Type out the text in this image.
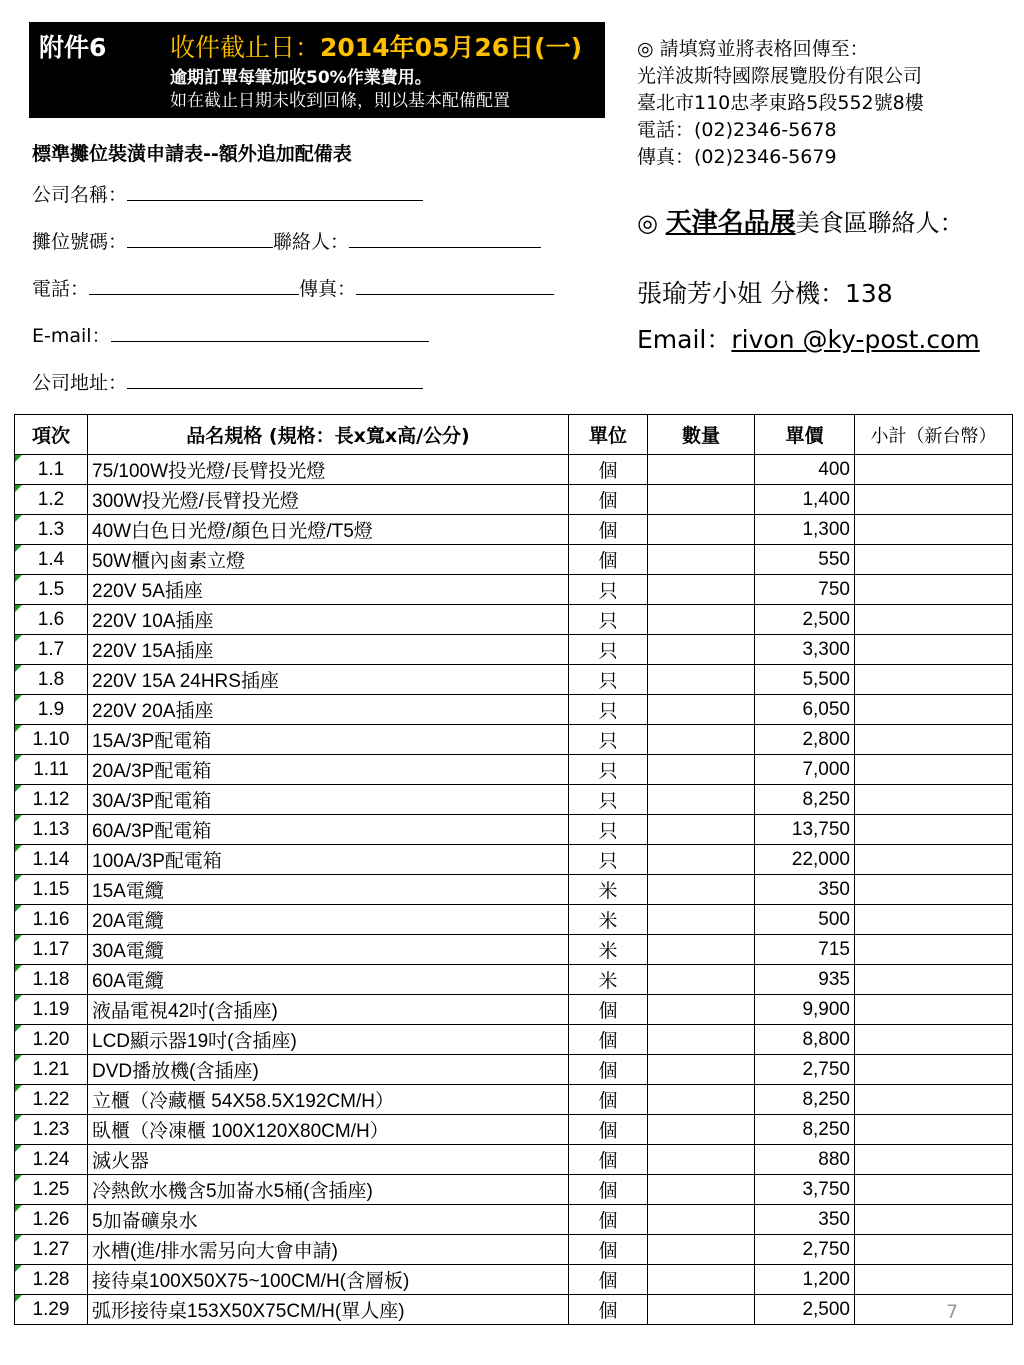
附件6	收件截止日：2014年05月26日(一)
逾期訂單每筆加收50%作業費用。
如在截止日期未收到回條，則以基本配備配置
標準攤位裝潢申請表--額外追加配備表
公司名稱：
攤位號碼：	聯絡人：
電話：	傳真：
E-mail：
公司地址：
◎ 請填寫並將表格回傳至：
光洋波斯特國際展覽股份有限公司
臺北市110忠孝東路5段552號8樓
電話：(02)2346-5678
傳真：(02)2346-5679
◎ 天津名品展美食區聯絡人：
張瑜芳小姐 分機：138
Email：rivon @ky-post.com
項次	品名規格 (規格：長x寬x高/公分)	單位	數量	單價	小計（新台幣）
1.1	75/100W投光燈/長臂投光燈	個		400	
1.2	300W投光燈/長臂投光燈	個		1,400	
1.3	40W白色日光燈/顏色日光燈/T5燈	個		1,300	
1.4	50W櫃內鹵素立燈	個		550	
1.5	220V 5A插座	只		750	
1.6	220V 10A插座	只		2,500	
1.7	220V 15A插座	只		3,300	
1.8	220V 15A 24HRS插座	只		5,500	
1.9	220V 20A插座	只		6,050	
1.10	15A/3P配電箱	只		2,800	
1.11	20A/3P配電箱	只		7,000	
1.12	30A/3P配電箱	只		8,250	
1.13	60A/3P配電箱	只		13,750	
1.14	100A/3P配電箱	只		22,000	
1.15	15A電纜	米		350	
1.16	20A電纜	米		500	
1.17	30A電纜	米		715	
1.18	60A電纜	米		935	
1.19	液晶電視42吋(含插座)	個		9,900	
1.20	LCD顯示器19吋(含插座)	個		8,800	
1.21	DVD播放機(含插座)	個		2,750	
1.22	立櫃（冷藏櫃 54X58.5X192CM/H）	個		8,250	
1.23	臥櫃（冷凍櫃 100X120X80CM/H）	個		8,250	
1.24	滅火器	個		880	
1.25	冷熱飲水機含5加崙水5桶(含插座)	個		3,750	
1.26	5加崙礦泉水	個		350	
1.27	水槽(進/排水需另向大會申請)	個		2,750	
1.28	接待桌100X50X75~100CM/H(含層板)	個		1,200	
1.29	弧形接待桌153X50X75CM/H(單人座)	個		2,500		7
